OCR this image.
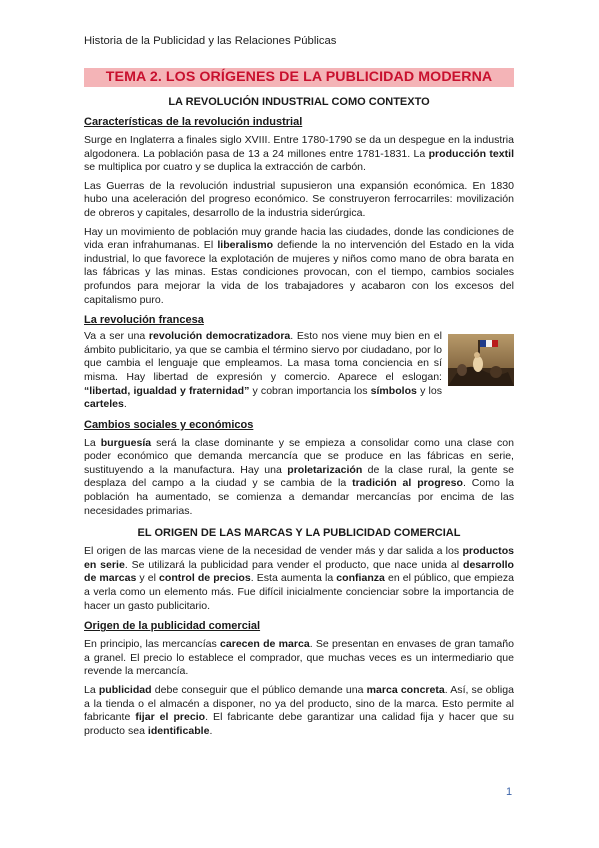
Historia de la Publicidad y las Relaciones Públicas
TEMA 2. LOS ORÍGENES DE LA PUBLICIDAD MODERNA
LA REVOLUCIÓN INDUSTRIAL COMO CONTEXTO
Características de la revolución industrial

Surge en Inglaterra a finales siglo XVIII. Entre 1780-1790 se da un despegue en la industria algodonera. La población pasa de 13 a 24 millones entre 1781-1831. La producción textil se multiplica por cuatro y se duplica la extracción de carbón.

Las Guerras de la revolución industrial supusieron una expansión económica. En 1830 hubo una aceleración del progreso económico. Se construyeron ferrocarriles: movilización de obreros y capitales, desarrollo de la industria siderúrgica.

Hay un movimiento de población muy grande hacia las ciudades, donde las condiciones de vida eran infrahumanas. El liberalismo defiende la no intervención del Estado en la vida industrial, lo que favorece la explotación de mujeres y niños como mano de obra barata en las fábricas y las minas. Estas condiciones provocan, con el tiempo, cambios sociales profundos para mejorar la vida de los trabajadores y acabaron con los excesos del capitalismo puro.

La revolución francesa

Va a ser una revolución democratizadora. Esto nos viene muy bien en el ámbito publicitario, ya que se cambia el término siervo por ciudadano, por lo que cambia el lenguaje que empleamos. La masa toma conciencia en sí misma. Hay libertad de expresión y comercio. Aparece el eslogan: “libertad, igualdad y fraternidad” y cobran importancia los símbolos y los carteles.

Cambios sociales y económicos

La burguesía será la clase dominante y se empieza a consolidar como una clase con poder económico que demanda mercancía que se produce en las fábricas en serie, sustituyendo a la manufactura. Hay una proletarización de la clase rural, la gente se desplaza del campo a la ciudad y se cambia de la tradición al progreso. Como la población ha aumentado, se comienza a demandar mercancías por encima de las necesidades primarias.

EL ORIGEN DE LAS MARCAS Y LA PUBLICIDAD COMERCIAL

El origen de las marcas viene de la necesidad de vender más y dar salida a los productos en serie. Se utilizará la publicidad para vender el producto, que nace unida al desarrollo de marcas y el control de precios. Esta aumenta la confianza en el público, que empieza a verla como un elemento más. Fue difícil inicialmente concienciar sobre la importancia de hacer un gasto publicitario.

Origen de la publicidad comercial

En principio, las mercancías carecen de marca. Se presentan en envases de gran tamaño a granel. El precio lo establece el comprador, que muchas veces es un intermediario que revende la mercancía.

La publicidad debe conseguir que el público demande una marca concreta. Así, se obliga a la tienda o el almacén a disponer, no ya del producto, sino de la marca. Esto permite al fabricante fijar el precio. El fabricante debe garantizar una calidad fija y hacer que su producto sea identificable.

1
